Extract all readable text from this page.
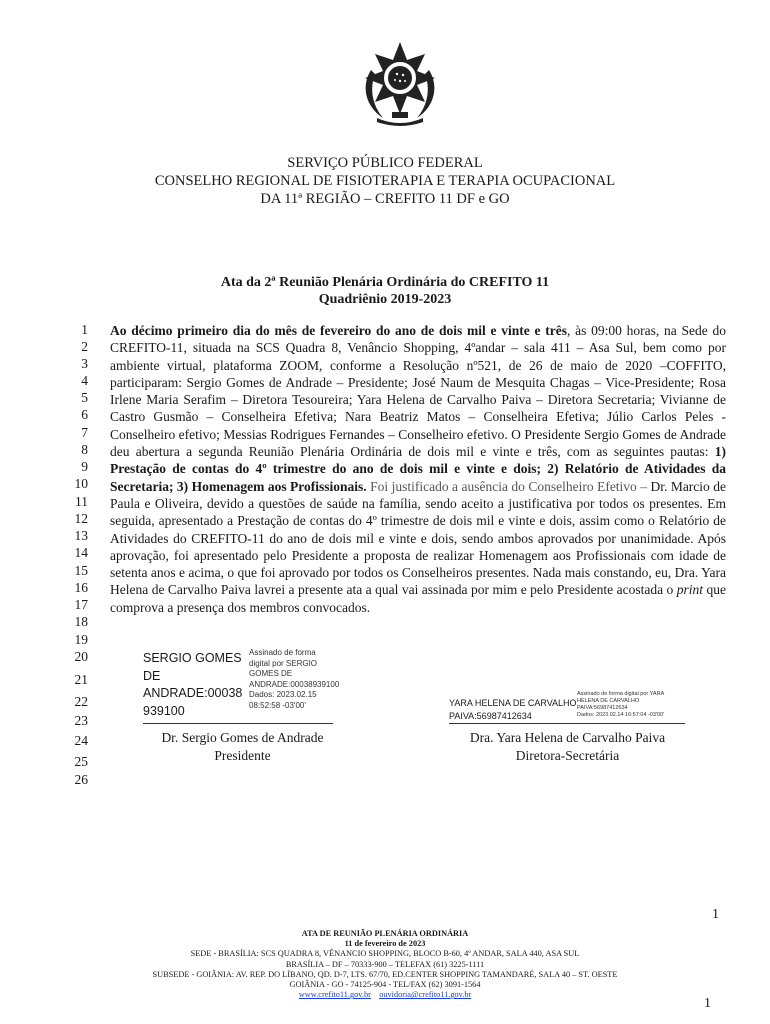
SERVIÇO PÚBLICO FEDERAL
CONSELHO REGIONAL DE FISIOTERAPIA E TERAPIA OCUPACIONAL
DA 11ª REGIÃO – CREFITO 11 DF e GO
Ata da 2ª Reunião Plenária Ordinária do CREFITO 11
Quadriênio 2019-2023
1
2
3
4
5
6
7
8
9
10
11
12
13
14
15
16
17
18
19
20
21
22
23
24
25
26

Ao décimo primeiro dia do mês de fevereiro do ano de dois mil e vinte e três, às 09:00 horas, na Sede do CREFITO-11, situada na SCS Quadra 8, Venâncio Shopping, 4ºandar – sala 411 – Asa Sul, bem como por ambiente virtual, plataforma ZOOM, conforme a Resolução nº521, de 26 de maio de 2020 –COFFITO, participaram: Sergio Gomes de Andrade – Presidente; José Naum de Mesquita Chagas – Vice-Presidente; Rosa Irlene Maria Serafim – Diretora Tesoureira; Yara Helena de Carvalho Paiva – Diretora Secretaria; Vivianne de Castro Gusmão – Conselheira Efetiva; Nara Beatriz Matos – Conselheira Efetiva; Júlio Carlos Peles - Conselheiro efetivo; Messias Rodrigues Fernandes – Conselheiro efetivo. O Presidente Sergio Gomes de Andrade deu abertura a segunda Reunião Plenária Ordinária de dois mil e vinte e três, com as seguintes pautas: 1) Prestação de contas do 4º trimestre do ano de dois mil e vinte e dois; 2) Relatório de Atividades da Secretaria; 3) Homenagem aos Profissionais. Foi justificado a ausência do Conselheiro Efetivo – Dr. Marcio de Paula e Oliveira, devido a questões de saúde na família, sendo aceito a justificativa por todos os presentes. Em seguida, apresentado a Prestação de contas do 4º trimestre de dois mil e vinte e dois, assim como o Relatório de Atividades do CREFITO-11 do ano de dois mil e vinte e dois, sendo ambos aprovados por unanimidade. Após aprovação, foi apresentado pelo Presidente a proposta de realizar Homenagem aos Profissionais com idade de setenta anos e acima, o que foi aprovado por todos os Conselheiros presentes. Nada mais constando, eu, Dra. Yara Helena de Carvalho Paiva lavrei a presente ata a qual vai assinada por mim e pelo Presidente acostada o print que comprova a presença dos membros convocados.

SERGIO GOMES
DE
ANDRADE:00038
939100
Assinado de forma
digital por SERGIO
GOMES DE
ANDRADE:00038939100
Dados: 2023.02.15
08:52:58 -03'00'
Dr. Sergio Gomes de Andrade
Presidente
YARA HELENA DE CARVALHO
PAIVA:56987412634
Assinado de forma digital por YARA
HELENA DE CARVALHO
PAIVA:56987412634
Dados: 2023.02.14 16:57:04 -03'00'
Dra. Yara Helena de Carvalho Paiva
Diretora-Secretária
1
ATA DE REUNIÃO PLENÁRIA ORDINÁRIA
11 de fevereiro de 2023
SEDE - BRASÍLIA: SCS QUADRA 8, VÊNANCIO SHOPPING, BLOCO B-60, 4º ANDAR, SALA 440, ASA SUL
BRASÍLIA – DF – 70333-900 – TELEFAX (61) 3225-1111
SUBSEDE - GOIÂNIA: AV. REP. DO LÍBANO, QD. D-7, LTS. 67/70, ED.CENTER SHOPPING TAMANDARÉ, SALA 40 – ST. OESTE
GOIÂNIA - GO - 74125-904 - TEL/FAX (62) 3091-1564
www.crefito11.gov.br ouvidoria@crefito11.gov.br
1
